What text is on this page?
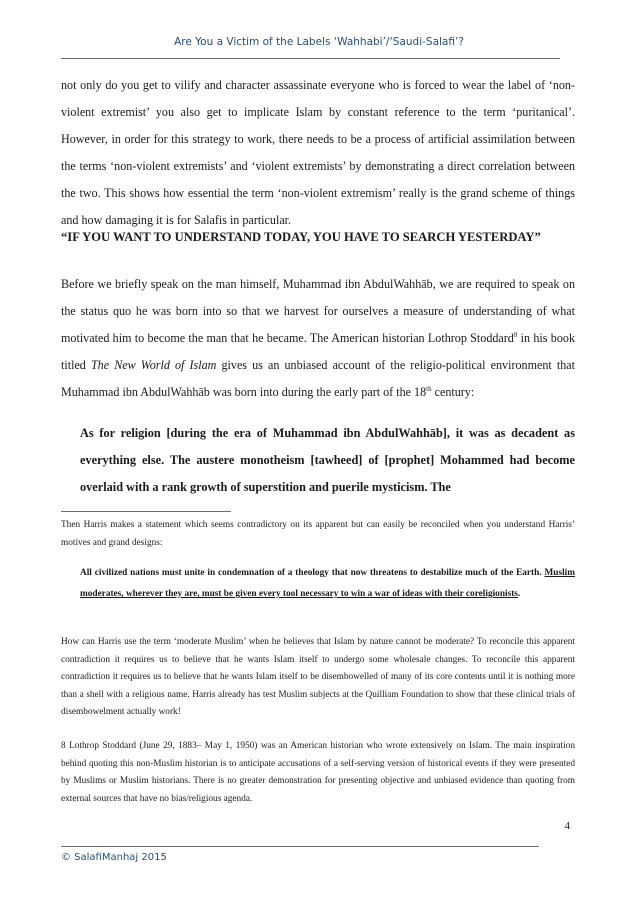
Are You a Victim of the Labels ‘Wahhabi’/‘Saudi-Salafi’?

not only do you get to vilify and character assassinate everyone who is forced to wear the label of ‘non-violent extremist’ you also get to implicate Islam by constant reference to the term ‘puritanical’. However, in order for this strategy to work, there needs to be a process of artificial assimilation between the terms ‘non-violent extremists’ and ‘violent extremists’ by demonstrating a direct correlation between the two. This shows how essential the term ‘non-violent extremism’ really is the grand scheme of things and how damaging it is for Salafis in particular.

“IF YOU WANT TO UNDERSTAND TODAY, YOU HAVE TO SEARCH YESTERDAY”

Before we briefly speak on the man himself, Muhammad ibn AbdulWahhāb, we are required to speak on the status quo he was born into so that we harvest for ourselves a measure of understanding of what motivated him to become the man that he became. The American historian Lothrop Stoddard$^8$ in his book titled The New World of Islam gives us an unbiased account of the religio-political environment that Muhammad ibn AbdulWahhāb was born into during the early part of the 18th century:

As for religion [during the era of Muhammad ibn AbdulWahhāb], it was as decadent as everything else. The austere monotheism [tawheed] of [prophet] Mohammed had become overlaid with a rank growth of superstition and puerile mysticism. The
Then Harris makes a statement which seems contradictory on its apparent but can easily be reconciled when you understand Harris’ motives and grand designs:
All civilized nations must unite in condemnation of a theology that now threatens to destabilize much of the Earth. Muslim moderates, wherever they are, must be given every tool necessary to win a war of ideas with their coreligionists.
How can Harris use the term ‘moderate Muslim’ when he believes that Islam by nature cannot be moderate? To reconcile this apparent contradiction it requires us to believe that he wants Islam itself to undergo some wholesale changes. To reconcile this apparent contradiction it requires us to believe that he wants Islam itself to be disembowelled of many of its core contents until it is nothing more than a shell with a religious name. Harris already has test Muslim subjects at the Quilliam Foundation to show that these clinical trials of disembowelment actually work!
8 Lothrop Stoddard (June 29, 1883– May 1, 1950) was an American historian who wrote extensively on Islam. The main inspiration behind quoting this non-Muslim historian is to anticipate accusations of a self-serving version of historical events if they were presented by Muslims or Muslim historians. There is no greater demonstration for presenting objective and unbiased evidence than quoting from external sources that have no bias/religious agenda.
4
© SalafiManhaj 2015
